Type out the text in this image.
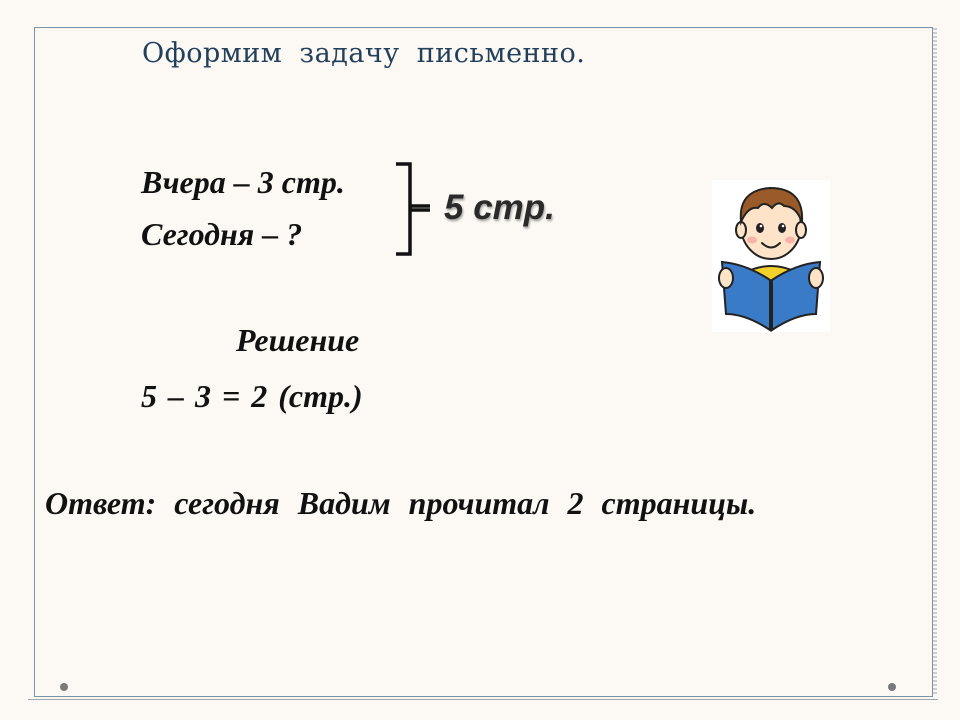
Оформим задачу письменно.
Вчера – 3 стр.
Сегодня – ?
5 стр.
Решение
5 – 3 = 2 (стр.)
Ответ: сегодня Вадим прочитал 2 страницы.
